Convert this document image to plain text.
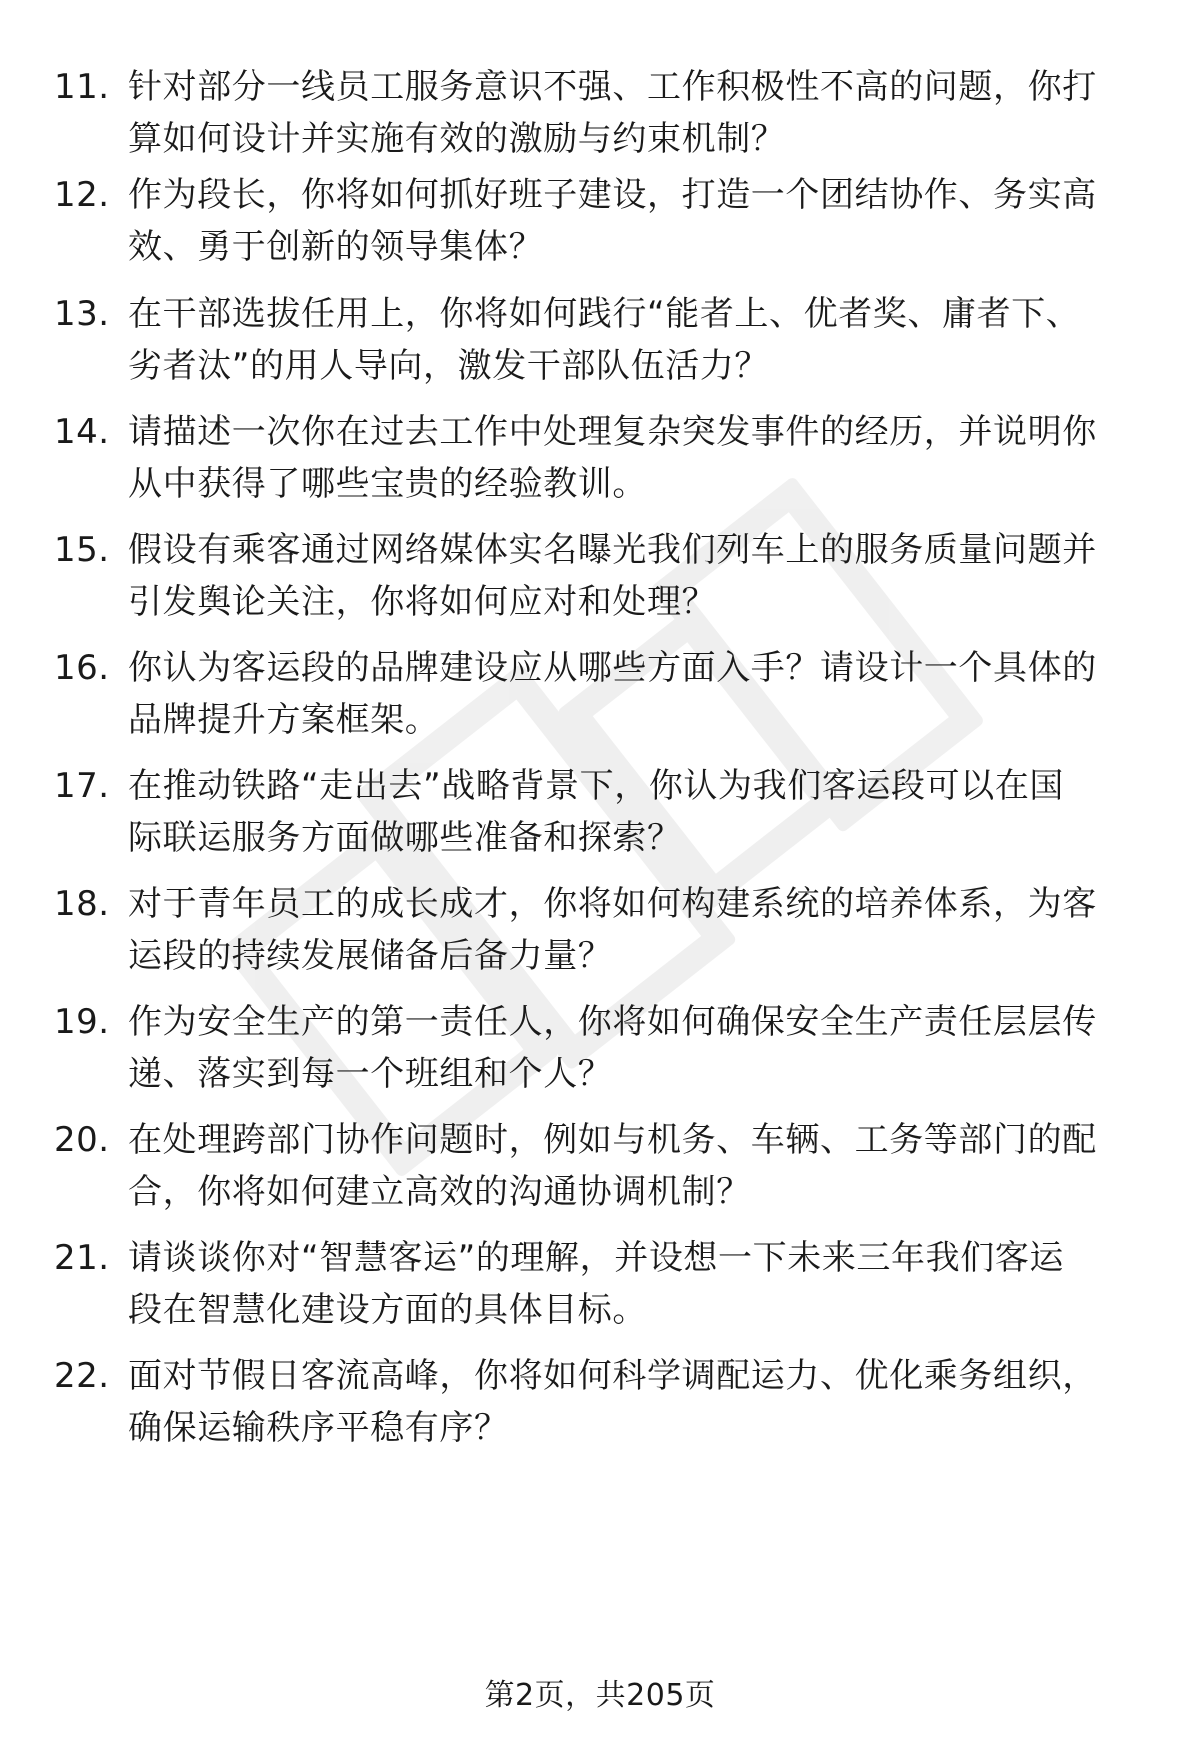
11. 针对部分一线员工服务意识不强、工作积极性不高的问题，你打
算如何设计并实施有效的激励与约束机制？
12. 作为段长，你将如何抓好班子建设，打造一个团结协作、务实高
效、勇于创新的领导集体？
13. 在干部选拔任用上，你将如何践行“能者上、优者奖、庸者下、
劣者汰”的用人导向，激发干部队伍活力？
14. 请描述一次你在过去工作中处理复杂突发事件的经历，并说明你
从中获得了哪些宝贵的经验教训。
15. 假设有乘客通过网络媒体实名曝光我们列车上的服务质量问题并
引发舆论关注，你将如何应对和处理？
16. 你认为客运段的品牌建设应从哪些方面入手？请设计一个具体的
品牌提升方案框架。
17. 在推动铁路“走出去”战略背景下，你认为我们客运段可以在国
际联运服务方面做哪些准备和探索？
18. 对于青年员工的成长成才，你将如何构建系统的培养体系，为客
运段的持续发展储备后备力量？
19. 作为安全生产的第一责任人，你将如何确保安全生产责任层层传
递、落实到每一个班组和个人？
20. 在处理跨部门协作问题时，例如与机务、车辆、工务等部门的配
合，你将如何建立高效的沟通协调机制？
21. 请谈谈你对“智慧客运”的理解，并设想一下未来三年我们客运
段在智慧化建设方面的具体目标。
22. 面对节假日客流高峰，你将如何科学调配运力、优化乘务组织，
确保运输秩序平稳有序？
第2页，共205页
